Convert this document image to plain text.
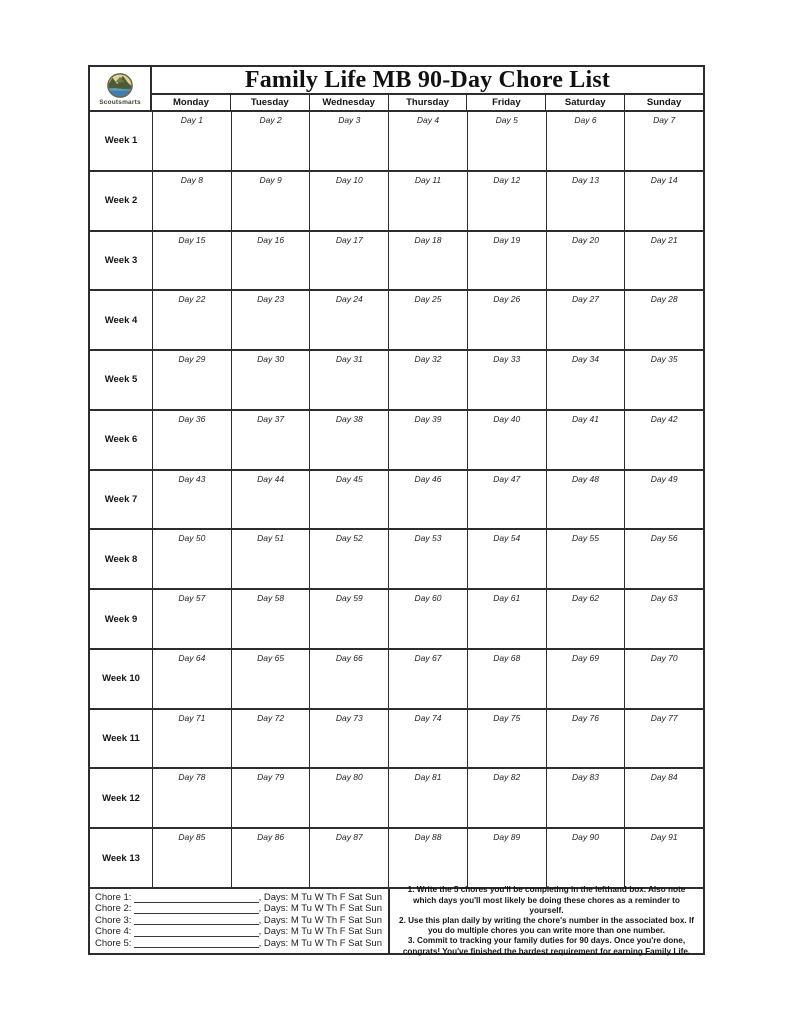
Scoutsmarts
Family Life MB 90-Day Chore List
Monday	Tuesday	Wednesday	Thursday	Friday	Saturday	Sunday
Week 1
Day 1	Day 2	Day 3	Day 4	Day 5	Day 6	Day 7
Week 2
Day 8	Day 9	Day 10	Day 11	Day 12	Day 13	Day 14
Week 3
Day 15	Day 16	Day 17	Day 18	Day 19	Day 20	Day 21
Week 4
Day 22	Day 23	Day 24	Day 25	Day 26	Day 27	Day 28
Week 5
Day 29	Day 30	Day 31	Day 32	Day 33	Day 34	Day 35
Week 6
Day 36	Day 37	Day 38	Day 39	Day 40	Day 41	Day 42
Week 7
Day 43	Day 44	Day 45	Day 46	Day 47	Day 48	Day 49
Week 8
Day 50	Day 51	Day 52	Day 53	Day 54	Day 55	Day 56
Week 9
Day 57	Day 58	Day 59	Day 60	Day 61	Day 62	Day 63
Week 10
Day 64	Day 65	Day 66	Day 67	Day 68	Day 69	Day 70
Week 11
Day 71	Day 72	Day 73	Day 74	Day 75	Day 76	Day 77
Week 12
Day 78	Day 79	Day 80	Day 81	Day 82	Day 83	Day 84
Week 13
Day 85	Day 86	Day 87	Day 88	Day 89	Day 90	Day 91
Chore 1:	, Days: M Tu W Th F Sat Sun
Chore 2:	, Days: M Tu W Th F Sat Sun
Chore 3:	, Days: M Tu W Th F Sat Sun
Chore 4:	, Days: M Tu W Th F Sat Sun
Chore 5:	, Days: M Tu W Th F Sat Sun
1. Write the 5 chores you'll be completing in the lefthand box. Also note which days you'll most likely be doing these chores as a reminder to yourself.
2. Use this plan daily by writing the chore's number in the associated box. If you do multiple chores you can write more than one number.
3. Commit to tracking your family duties for 90 days. Once you're done, congrats! You've finished the hardest requirement for earning Family Life.
